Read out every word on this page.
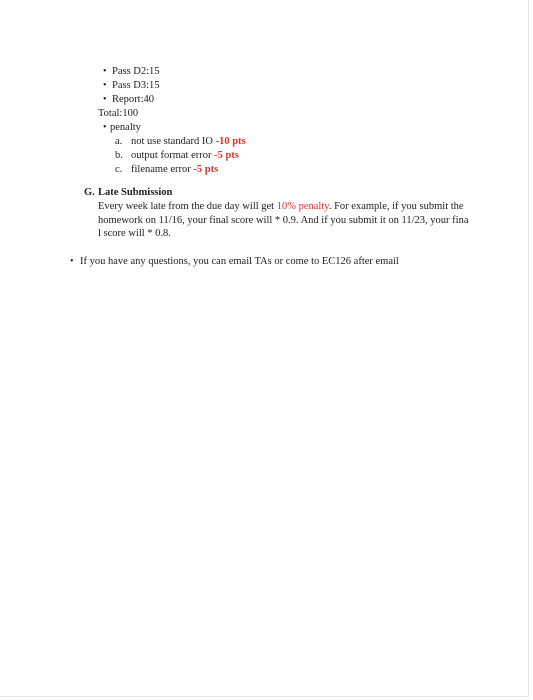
• Pass D2:15
• Pass D3:15
• Report:40
Total:100
• penalty
a. not use standard IO -10 pts
b. output format error -5 pts
c. filename error -5 pts
G. Late Submission
Every week late from the due day will get 10% penalty. For example, if you submit the homework on 11/16, your final score will * 0.9. And if you submit it on 11/23, your final score will * 0.8.
• If you have any questions, you can email TAs or come to EC126 after email
